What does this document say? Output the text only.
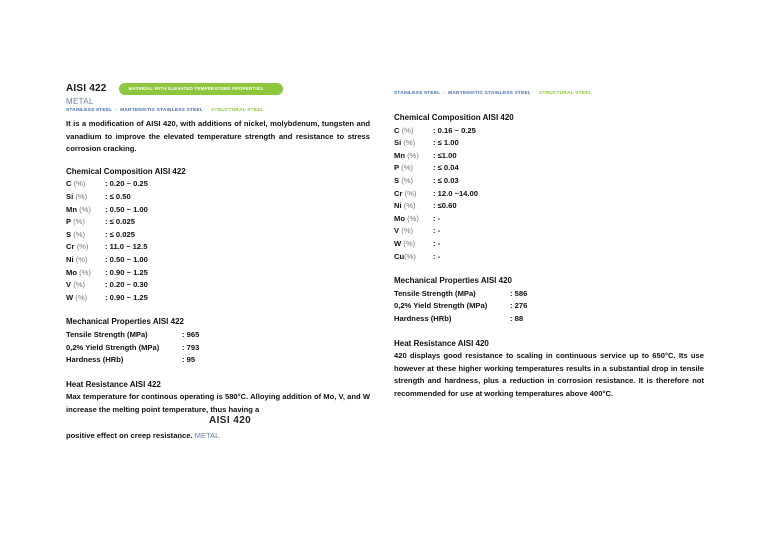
AISI 422	MATERIAL WITH ELEVATED TEMPERATURE PROPERTIES
METAL
STAINLESS STEEL › MARTENSITIC STAINLESS STEEL STRUCTURAL STEEL
It is a modification of AISI 420, with additions of nickel, molybdenum, tungsten and vanadium to improve the elevated temperature strength and resistance to stress corrosion cracking.
Chemical Composition AISI 422
C (%)	: 0.20 ~ 0.25
Si (%)	: ≤ 0.50
Mn (%)	: 0.50 ~ 1.00
P (%)	: ≤ 0.025
S (%)	: ≤ 0.025
Cr (%)	: 11.0 ~ 12.5
Ni (%)	: 0.50 ~ 1.00
Mo (%)	: 0.90 ~ 1.25
V (%)	: 0.20 ~ 0.30
W (%)	: 0.90 ~ 1.25
Mechanical Properties AISI 422
Tensile Strength (MPa)	: 965
0,2% Yield Strength (MPa)	: 793
Hardness (HRb)	: 95
Heat Resistance AISI 422
Max temperature for continous operating is 580°C. Alloying addition of Mo, V, and W increase the melting point temperature, thus having a
AISI 420
positive effect on creep resistance. METAL
STAINLESS STEEL › MARTENSITIC STAINLESS STEEL STRUCTURAL STEEL
Chemical Composition AISI 420
C (%)	: 0.16 ~ 0.25
Si (%)	: ≤ 1.00
Mn (%)	: ≤1.00
P (%)	: ≤ 0.04
S (%)	: ≤ 0.03
Cr (%)	: 12.0 ~14.00
Ni (%)	: ≤0.60
Mo (%)	: -
V (%)	: -
W (%)	: -
Cu(%)	: -
Mechanical Properties AISI 420
Tensile Strength (MPa)	: 586
0,2% Yield Strength (MPa)	: 276
Hardness (HRb)	: 88
Heat Resistance AISI 420
420 displays good resistance to scaling in continuous service up to 650°C. Its use however at these higher working temperatures results in a substantial drop in tensile strength and hardness, plus a reduction in corrosion resistance. It is therefore not recommended for use at working temperatures above 400°C.
